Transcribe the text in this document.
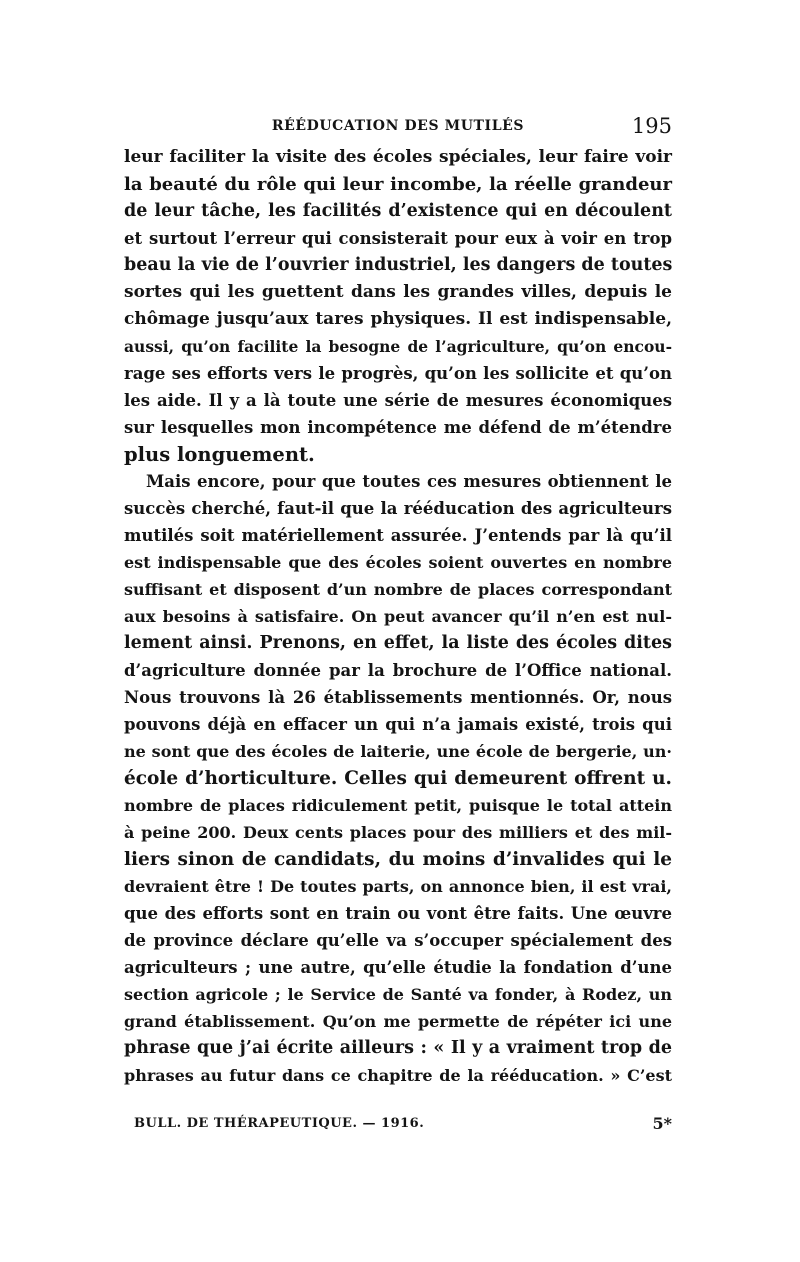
RÉÉDUCATION DES MUTILÉS	195
leur faciliter la visite des écoles spéciales, leur faire voir
la beauté du rôle qui leur incombe, la réelle grandeur
de leur tâche, les facilités d’existence qui en découlent
et surtout l’erreur qui consisterait pour eux à voir en trop
beau la vie de l’ouvrier industriel, les dangers de toutes
sortes qui les guettent dans les grandes villes, depuis le
chômage jusqu’aux tares physiques. Il est indispensable,
aussi, qu’on facilite la besogne de l’agriculture, qu’on encou-
rage ses efforts vers le progrès, qu’on les sollicite et qu’on
les aide. Il y a là toute une série de mesures économiques
sur lesquelles mon incompétence me défend de m’étendre
plus longuement.
Mais encore, pour que toutes ces mesures obtiennent le
succès cherché, faut-il que la rééducation des agriculteurs
mutilés soit matériellement assurée. J’entends par là qu’il
est indispensable que des écoles soient ouvertes en nombre
suffisant et disposent d’un nombre de places correspondant
aux besoins à satisfaire. On peut avancer qu’il n’en est nul-
lement ainsi. Prenons, en effet, la liste des écoles dites
d’agriculture donnée par la brochure de l’Office national.
Nous trouvons là 26 établissements mentionnés. Or, nous
pouvons déjà en effacer un qui n’a jamais existé, trois qui
ne sont que des écoles de laiterie, une école de bergerie, un·
école d’horticulture. Celles qui demeurent offrent u.
nombre de places ridiculement petit, puisque le total attein
à peine 200. Deux cents places pour des milliers et des mil-
liers sinon de candidats, du moins d’invalides qui le
devraient être ! De toutes parts, on annonce bien, il est vrai,
que des efforts sont en train ou vont être faits. Une œuvre
de province déclare qu’elle va s’occuper spécialement des
agriculteurs ; une autre, qu’elle étudie la fondation d’une
section agricole ; le Service de Santé va fonder, à Rodez, un
grand établissement. Qu’on me permette de répéter ici une
phrase que j’ai écrite ailleurs : « Il y a vraiment trop de
phrases au futur dans ce chapitre de la rééducation. » C’est
BULL. DE THÉRAPEUTIQUE. — 1916.	5*
